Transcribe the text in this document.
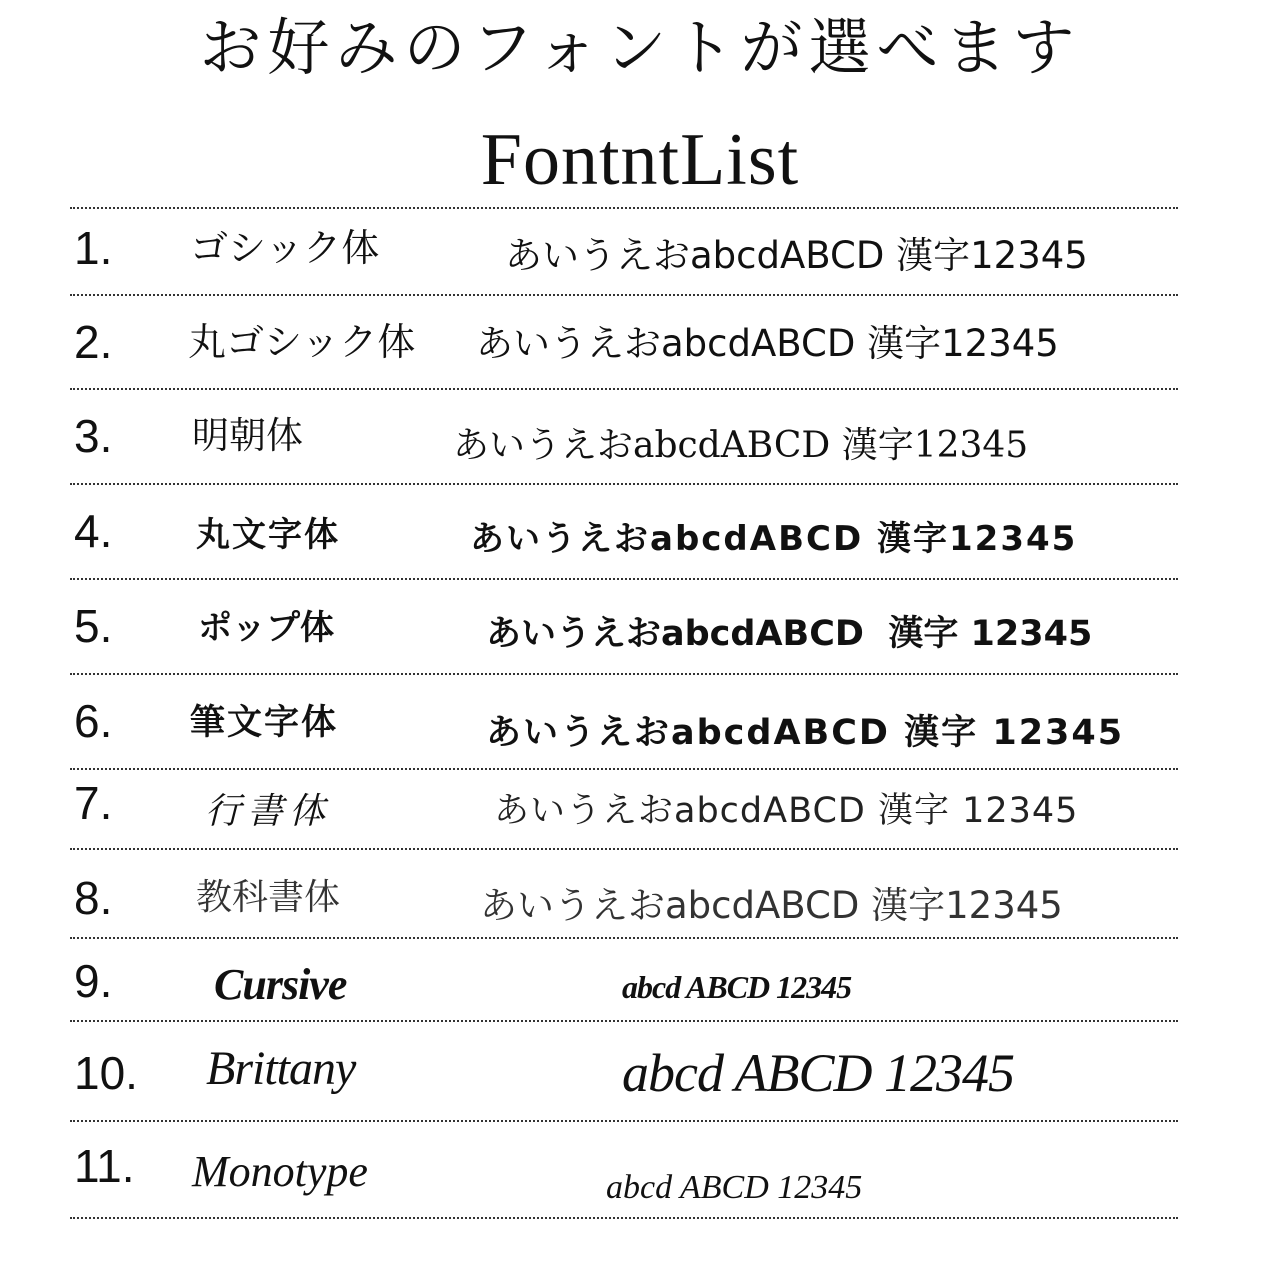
お好みのフォントが選べます
FontntList
1. ゴシック体	あいうえおabcdABCD 漢字12345
2. 丸ゴシック体 あいうえおabcdABCD 漢字12345
3. 明朝体	あいうえおabcdABCD 漢字12345
4. 丸文字体	あいうえおabcdABCD 漢字12345
5.	ポップ体	あいうえおabcdABCD  漢字 12345
6. 筆文字体	あいうえおabcdABCD 漢字 12345
7.	行書体	あいうえおabcdABCD 漢字 12345
8. 教科書体	あいうえおabcdABCD 漢字12345
9. Cursive	abcd ABCD 12345
10. Brittany	abcd ABCD 12345
11. Monotype	abcd ABCD 12345
